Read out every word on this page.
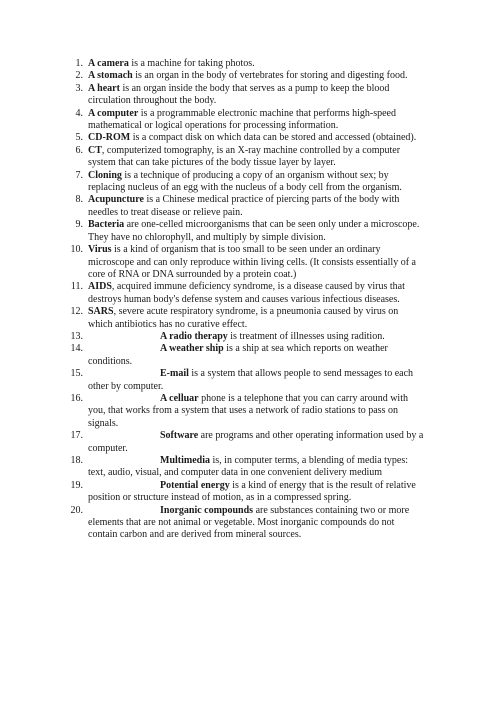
1. A camera is a machine for taking photos.
2. A stomach is an organ in the body of vertebrates for storing and digesting food.
3. A heart is an organ inside the body that serves as a pump to keep the blood circulation throughout the body.
4. A computer is a programmable electronic machine that performs high-speed mathematical or logical operations for processing information.
5. CD-ROM is a compact disk on which data can be stored and accessed (obtained).
6. CT, computerized tomography, is an X-ray machine controlled by a computer system that can take pictures of the body tissue layer by layer.
7. Cloning is a technique of producing a copy of an organism without sex; by replacing nucleus of an egg with the nucleus of a body cell from the organism.
8. Acupuncture is a Chinese medical practice of piercing parts of the body with needles to treat disease or relieve pain.
9. Bacteria are one-celled microorganisms that can be seen only under a microscope. They have no chlorophyll, and multiply by simple division.
10. Virus is a kind of organism that is too small to be seen under an ordinary microscope and can only reproduce within living cells. (It consists essentially of a core of RNA or DNA surrounded by a protein coat.)
11. AIDS, acquired immune deficiency syndrome, is a disease caused by virus that destroys human body's defense system and causes various infectious diseases.
12. SARS, severe acute respiratory syndrome, is a pneumonia caused by virus on which antibiotics has no curative effect.
13.	A radio therapy is treatment of illnesses using radition.
14.	A weather ship is a ship at sea which reports on weather conditions.
15.	E-mail is a system that allows people to send messages to each other by computer.
16.	A celluar phone is a telephone that you can carry around with you, that works from a system that uses a network of radio stations to pass on signals.
17.	Software are programs and other operating information used by a computer.
18.	Multimedia is, in computer terms, a blending of media types: text, audio, visual, and computer data in one convenient delivery medium
19.	Potential energy is a kind of energy that is the result of relative position or structure instead of motion, as in a compressed spring.
20.	Inorganic compounds are substances containing two or more elements that are not animal or vegetable. Most inorganic compounds do not contain carbon and are derived from mineral sources.
